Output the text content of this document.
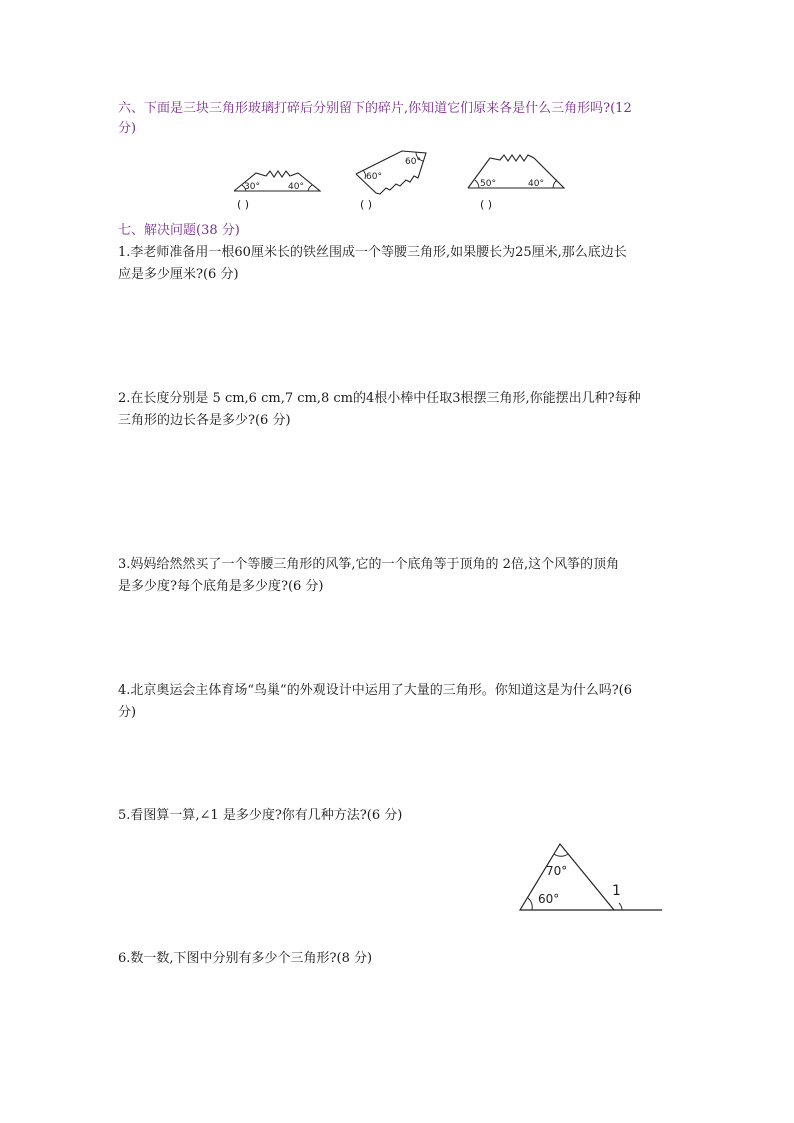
六、下面是三块三角形玻璃打碎后分别留下的碎片,你知道它们原来各是什么三角形吗?(12
分)
30°	40°
( )
60°
60°
( )
50°	40°
( )
七、解决问题(38 分)
1.李老师准备用一根60厘米长的铁丝围成一个等腰三角形,如果腰长为25厘米,那么底边长
应是多少厘米?(6 分)
2.在长度分别是 5 cm,6 cm,7 cm,8 cm的4根小棒中任取3根摆三角形,你能摆出几种?每种
三角形的边长各是多少?(6 分)
3.妈妈给然然买了一个等腰三角形的风筝,它的一个底角等于顶角的 2倍,这个风筝的顶角
是多少度?每个底角是多少度?(6 分)
4.北京奥运会主体育场“鸟巢”的外观设计中运用了大量的三角形。你知道这是为什么吗?(6
分)
5.看图算一算,∠1 是多少度?你有几种方法?(6 分)
70°
60°	1
6.数一数,下图中分别有多少个三角形?(8 分)
